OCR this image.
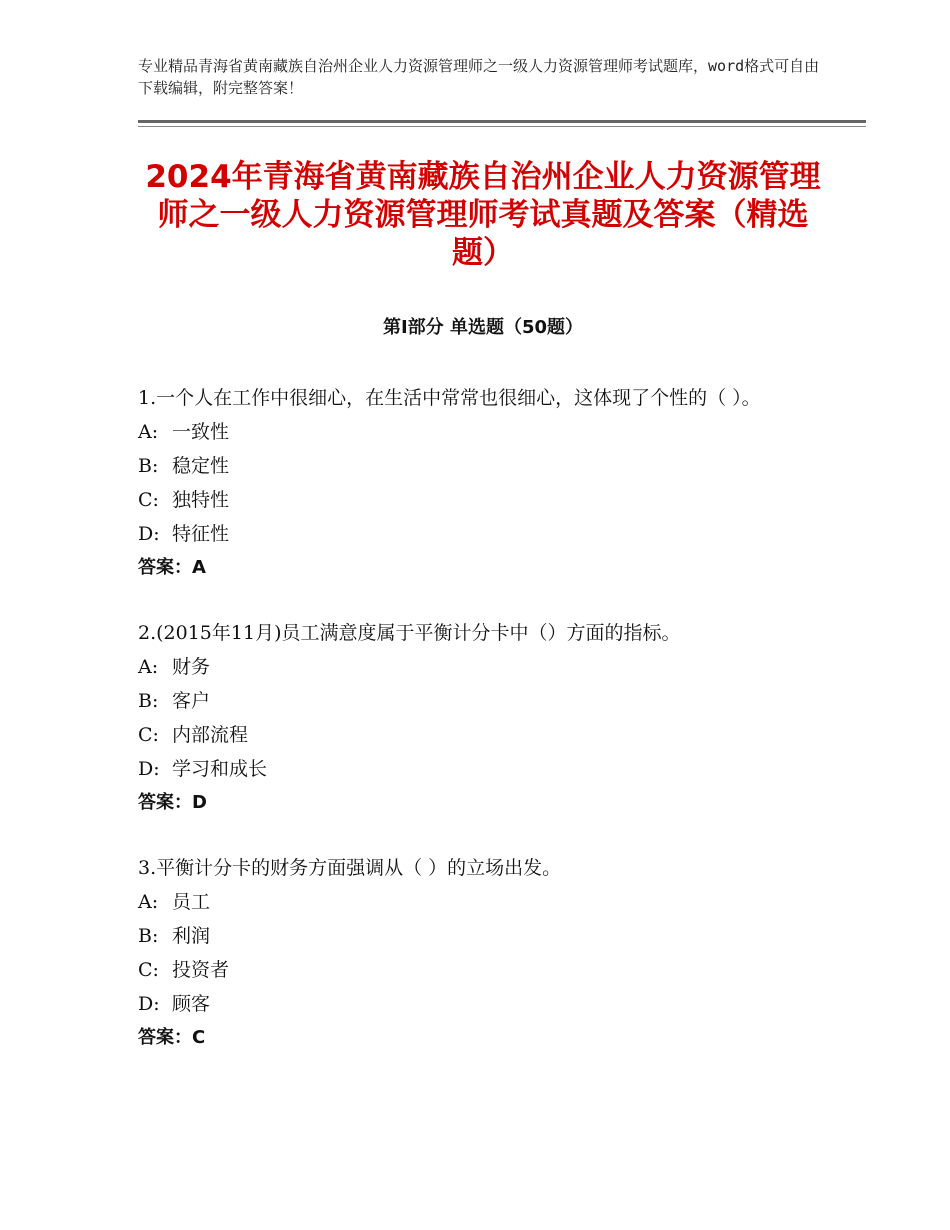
专业精品青海省黄南藏族自治州企业人力资源管理师之一级人力资源管理师考试题库，word格式可自由下载编辑，附完整答案！
2024年青海省黄南藏族自治州企业人力资源管理师之一级人力资源管理师考试真题及答案（精选题）
第Ⅰ部分 单选题（50题）

1.一个人在工作中很细心，在生活中常常也很细心，这体现了个性的（ ）。

A: 一致性

B: 稳定性

C: 独特性

D: 特征性

答案：A

2.(2015年11月)员工满意度属于平衡计分卡中（）方面的指标。

A: 财务

B: 客户

C: 内部流程

D: 学习和成长

答案：D

3.平衡计分卡的财务方面强调从（ ）的立场出发。

A: 员工

B: 利润

C: 投资者

D: 顾客

答案：C
